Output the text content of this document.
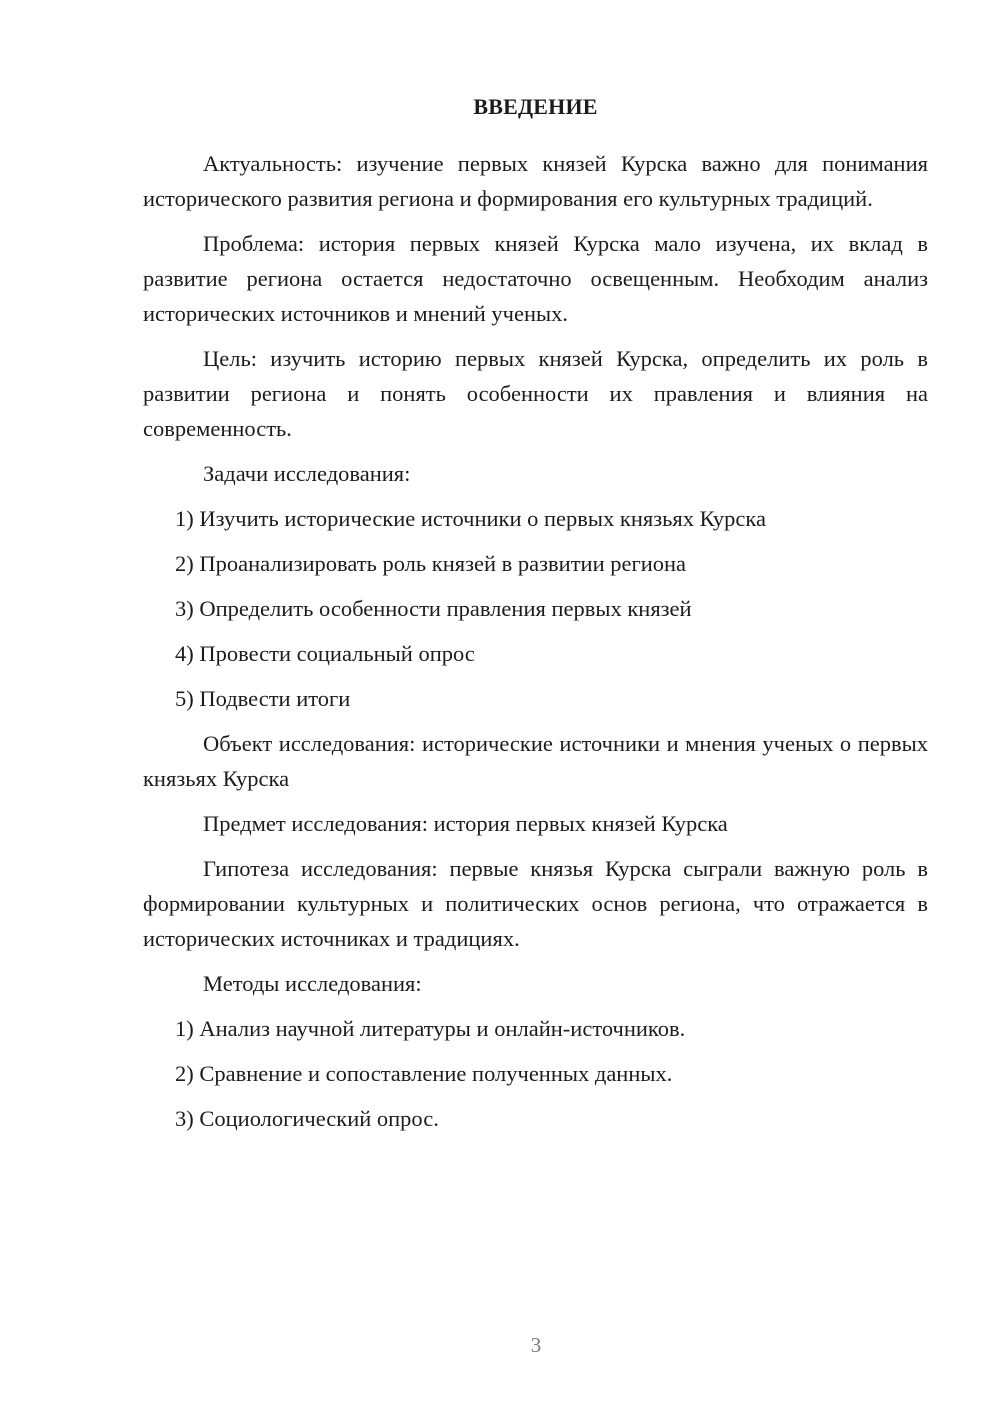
ВВЕДЕНИЕ

Актуальность: изучение первых князей Курска важно для понимания исторического развития региона и формирования его культурных традиций.

Проблема: история первых князей Курска мало изучена, их вклад в развитие региона остается недостаточно освещенным. Необходим анализ исторических источников и мнений ученых.

Цель: изучить историю первых князей Курска, определить их роль в развитии региона и понять особенности их правления и влияния на современность.

Задачи исследования:

1) Изучить исторические источники о первых князьях Курска

2) Проанализировать роль князей в развитии региона

3) Определить особенности правления первых князей

4) Провести социальный опрос

5) Подвести итоги

Объект исследования: исторические источники и мнения ученых о первых князьях Курска

Предмет исследования: история первых князей Курска

Гипотеза исследования: первые князья Курска сыграли важную роль в формировании культурных и политических основ региона, что отражается в исторических источниках и традициях.

Методы исследования:

1) Анализ научной литературы и онлайн-источников.

2) Сравнение и сопоставление полученных данных.

3) Социологический опрос.

3
